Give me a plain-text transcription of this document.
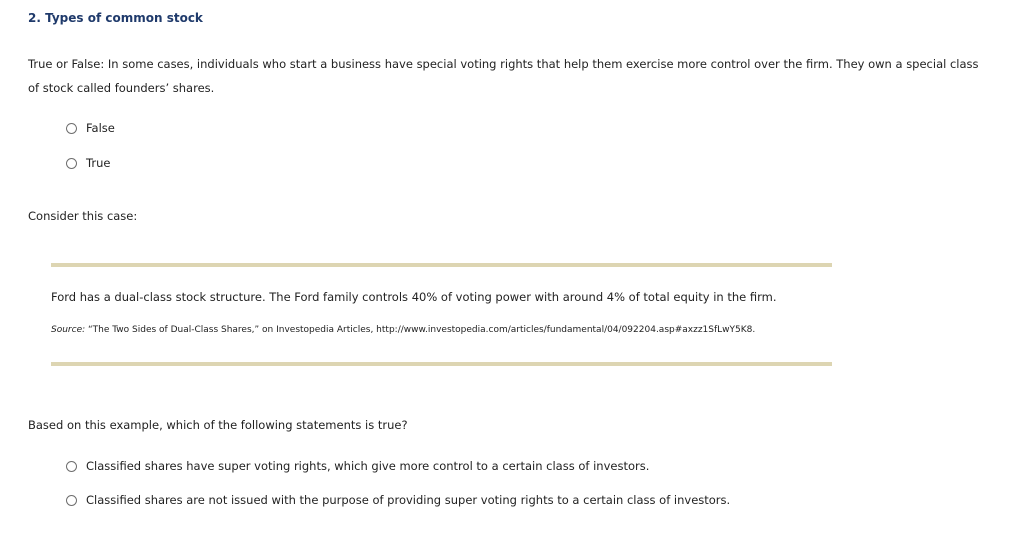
2. Types of common stock
True or False: In some cases, individuals who start a business have special voting rights that help them exercise more control over the firm. They own a special class of stock called founders’ shares.
False
True
Consider this case:
Ford has a dual-class stock structure. The Ford family controls 40% of voting power with around 4% of total equity in the firm.
Source: “The Two Sides of Dual-Class Shares,” on Investopedia Articles, http://www.investopedia.com/articles/fundamental/04/092204.asp#axzz1SfLwY5K8.
Based on this example, which of the following statements is true?
Classified shares have super voting rights, which give more control to a certain class of investors.
Classified shares are not issued with the purpose of providing super voting rights to a certain class of investors.
